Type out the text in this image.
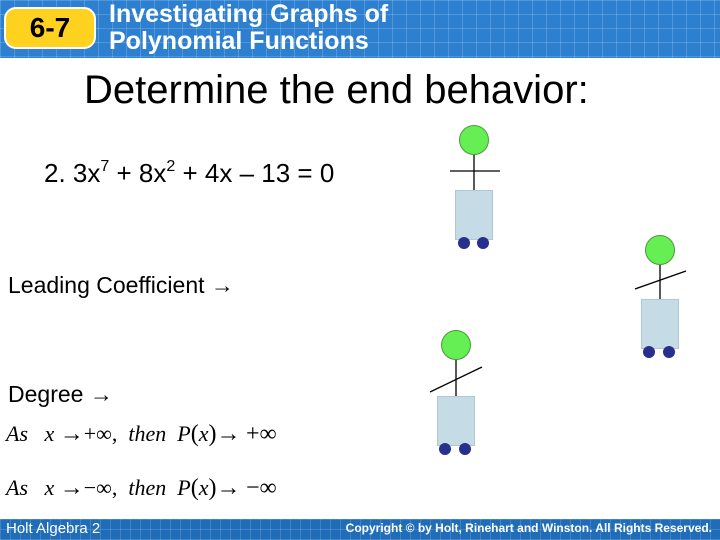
6-7	Investigating Graphs of
Polynomial Functions
Determine the end behavior:
2. $3x^7 + 8x^2 + 4x - 13 = 0$
Leading Coefficient →
Degree →
As x →+∞, then P(x)→ +∞
As x →−∞, then P(x)→ −∞
Holt Algebra 2	Copyright © by Holt, Rinehart and Winston. All Rights Reserved.
